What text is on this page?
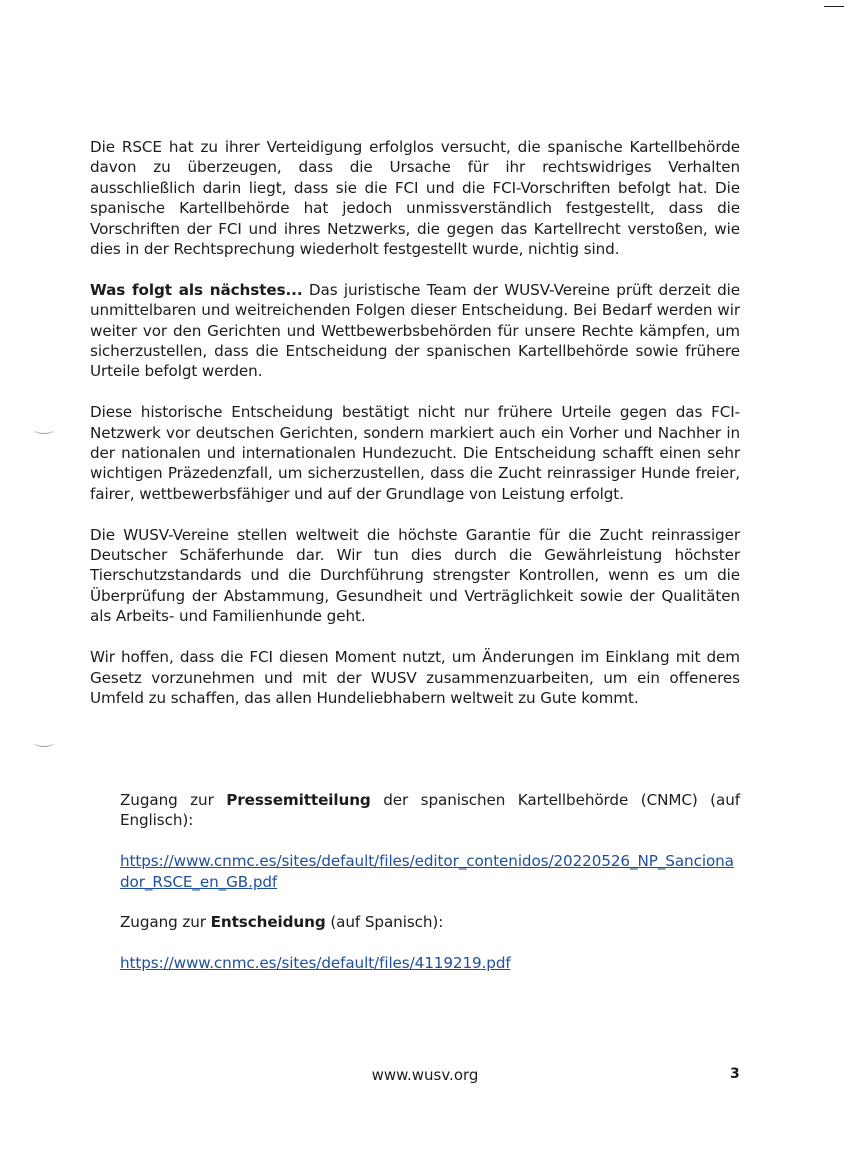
Die RSCE hat zu ihrer Verteidigung erfolglos versucht, die spanische Kartellbehörde davon zu überzeugen, dass die Ursache für ihr rechtswidriges Verhalten ausschließlich darin liegt, dass sie die FCI und die FCI-Vorschriften befolgt hat. Die spanische Kartellbehörde hat jedoch unmissverständlich festgestellt, dass die Vorschriften der FCI und ihres Netzwerks, die gegen das Kartellrecht verstoßen, wie dies in der Rechtsprechung wiederholt festgestellt wurde, nichtig sind.

Was folgt als nächstes... Das juristische Team der WUSV-Vereine prüft derzeit die unmittelbaren und weitreichenden Folgen dieser Entscheidung. Bei Bedarf werden wir weiter vor den Gerichten und Wettbewerbsbehörden für unsere Rechte kämpfen, um sicherzustellen, dass die Entscheidung der spanischen Kartellbehörde sowie frühere Urteile befolgt werden.

Diese historische Entscheidung bestätigt nicht nur frühere Urteile gegen das FCI-Netzwerk vor deutschen Gerichten, sondern markiert auch ein Vorher und Nachher in der nationalen und internationalen Hundezucht. Die Entscheidung schafft einen sehr wichtigen Präzedenzfall, um sicherzustellen, dass die Zucht reinrassiger Hunde freier, fairer, wettbewerbsfähiger und auf der Grundlage von Leistung erfolgt.

Die WUSV-Vereine stellen weltweit die höchste Garantie für die Zucht reinrassiger Deutscher Schäferhunde dar. Wir tun dies durch die Gewährleistung höchster Tierschutzstandards und die Durchführung strengster Kontrollen, wenn es um die Überprüfung der Abstammung, Gesundheit und Verträglichkeit sowie der Qualitäten als Arbeits- und Familienhunde geht.

Wir hoffen, dass die FCI diesen Moment nutzt, um Änderungen im Einklang mit dem Gesetz vorzunehmen und mit der WUSV zusammenzuarbeiten, um ein offeneres Umfeld zu schaffen, das allen Hundeliebhabern weltweit zu Gute kommt.

Zugang zur Pressemitteilung der spanischen Kartellbehörde (CNMC) (auf Englisch):

https://www.cnmc.es/sites/default/files/editor_contenidos/20220526_NP_Sancionador_RSCE_en_GB.pdf

Zugang zur Entscheidung (auf Spanisch):

https://www.cnmc.es/sites/default/files/4119219.pdf

www.wusv.org	3
